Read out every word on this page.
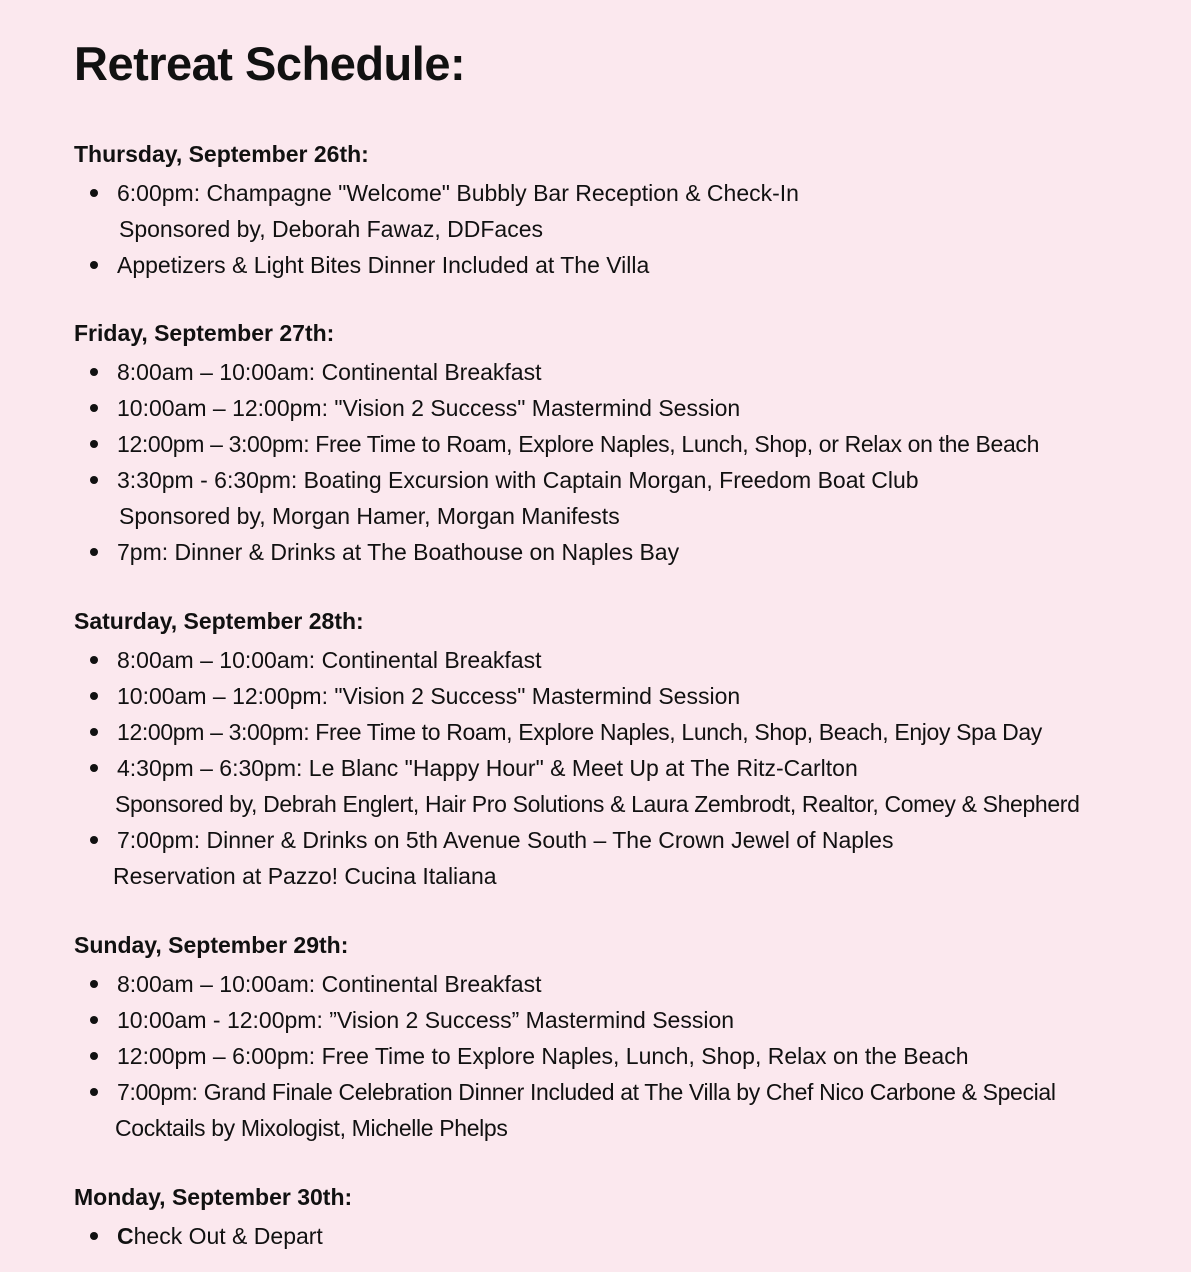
Retreat Schedule:
Thursday, September 26th:
6:00pm: Champagne "Welcome" Bubbly Bar Reception & Check-In
Sponsored by, Deborah Fawaz, DDFaces
Appetizers & Light Bites Dinner Included at The Villa
Friday, September 27th:
8:00am – 10:00am: Continental Breakfast
10:00am – 12:00pm: "Vision 2 Success" Mastermind Session
12:00pm – 3:00pm: Free Time to Roam, Explore Naples, Lunch, Shop, or Relax on the Beach
3:30pm - 6:30pm: Boating Excursion with Captain Morgan, Freedom Boat Club
Sponsored by, Morgan Hamer, Morgan Manifests
7pm: Dinner & Drinks at The Boathouse on Naples Bay
Saturday, September 28th:
8:00am – 10:00am: Continental Breakfast
10:00am – 12:00pm: "Vision 2 Success" Mastermind Session
12:00pm – 3:00pm: Free Time to Roam, Explore Naples, Lunch, Shop, Beach, Enjoy Spa Day
4:30pm – 6:30pm: Le Blanc "Happy Hour" & Meet Up at The Ritz-Carlton
Sponsored by, Debrah Englert, Hair Pro Solutions & Laura Zembrodt, Realtor, Comey & Shepherd
7:00pm: Dinner & Drinks on 5th Avenue South – The Crown Jewel of Naples
Reservation at Pazzo! Cucina Italiana
Sunday, September 29th:
8:00am – 10:00am: Continental Breakfast
10:00am - 12:00pm: ”Vision 2 Success” Mastermind Session
12:00pm – 6:00pm: Free Time to Explore Naples, Lunch, Shop, Relax on the Beach
7:00pm: Grand Finale Celebration Dinner Included at The Villa by Chef Nico Carbone & Special
Cocktails by Mixologist, Michelle Phelps
Monday, September 30th:
Check Out & Depart
